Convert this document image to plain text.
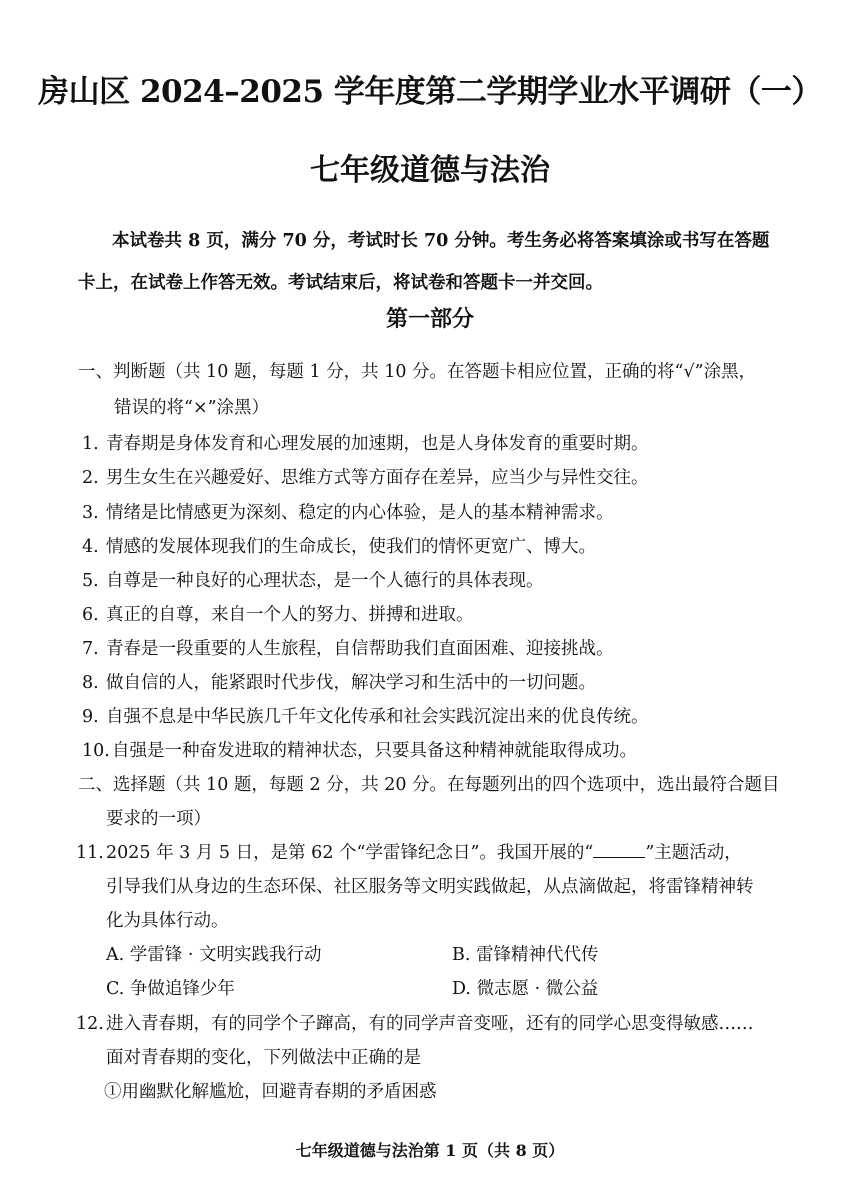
房山区 2024–2025 学年度第二学期学业水平调研（一）
七年级道德与法治
本试卷共 8 页，满分 70 分，考试时长 70 分钟。考生务必将答案填涂或书写在答题
卡上，在试卷上作答无效。考试结束后，将试卷和答题卡一并交回。
第一部分
一、判断题（共 10 题，每题 1 分，共 10 分。在答题卡相应位置，正确的将“√”涂黑，
错误的将“×”涂黑）
1. 青春期是身体发育和心理发展的加速期，也是人身体发育的重要时期。
2. 男生女生在兴趣爱好、思维方式等方面存在差异，应当少与异性交往。
3. 情绪是比情感更为深刻、稳定的内心体验，是人的基本精神需求。
4. 情感的发展体现我们的生命成长，使我们的情怀更宽广、博大。
5. 自尊是一种良好的心理状态，是一个人德行的具体表现。
6. 真正的自尊，来自一个人的努力、拼搏和进取。
7. 青春是一段重要的人生旅程，自信帮助我们直面困难、迎接挑战。
8. 做自信的人，能紧跟时代步伐，解决学习和生活中的一切问题。
9. 自强不息是中华民族几千年文化传承和社会实践沉淀出来的优良传统。
10. 自强是一种奋发进取的精神状态，只要具备这种精神就能取得成功。
二、选择题（共 10 题，每题 2 分，共 20 分。在每题列出的四个选项中，选出最符合题目
要求的一项）
11. 2025 年 3 月 5 日，是第 62 个“学雷锋纪念日”。我国开展的“	”主题活动，
引导我们从身边的生态环保、社区服务等文明实践做起，从点滴做起，将雷锋精神转
化为具体行动。
A. 学雷锋 · 文明实践我行动	B. 雷锋精神代代传
C. 争做追锋少年	D. 微志愿 · 微公益
12. 进入青春期，有的同学个子蹿高，有的同学声音变哑，还有的同学心思变得敏感……
面对青春期的变化，下列做法中正确的是
①用幽默化解尴尬，回避青春期的矛盾困惑
七年级道德与法治第 1 页（共 8 页）
